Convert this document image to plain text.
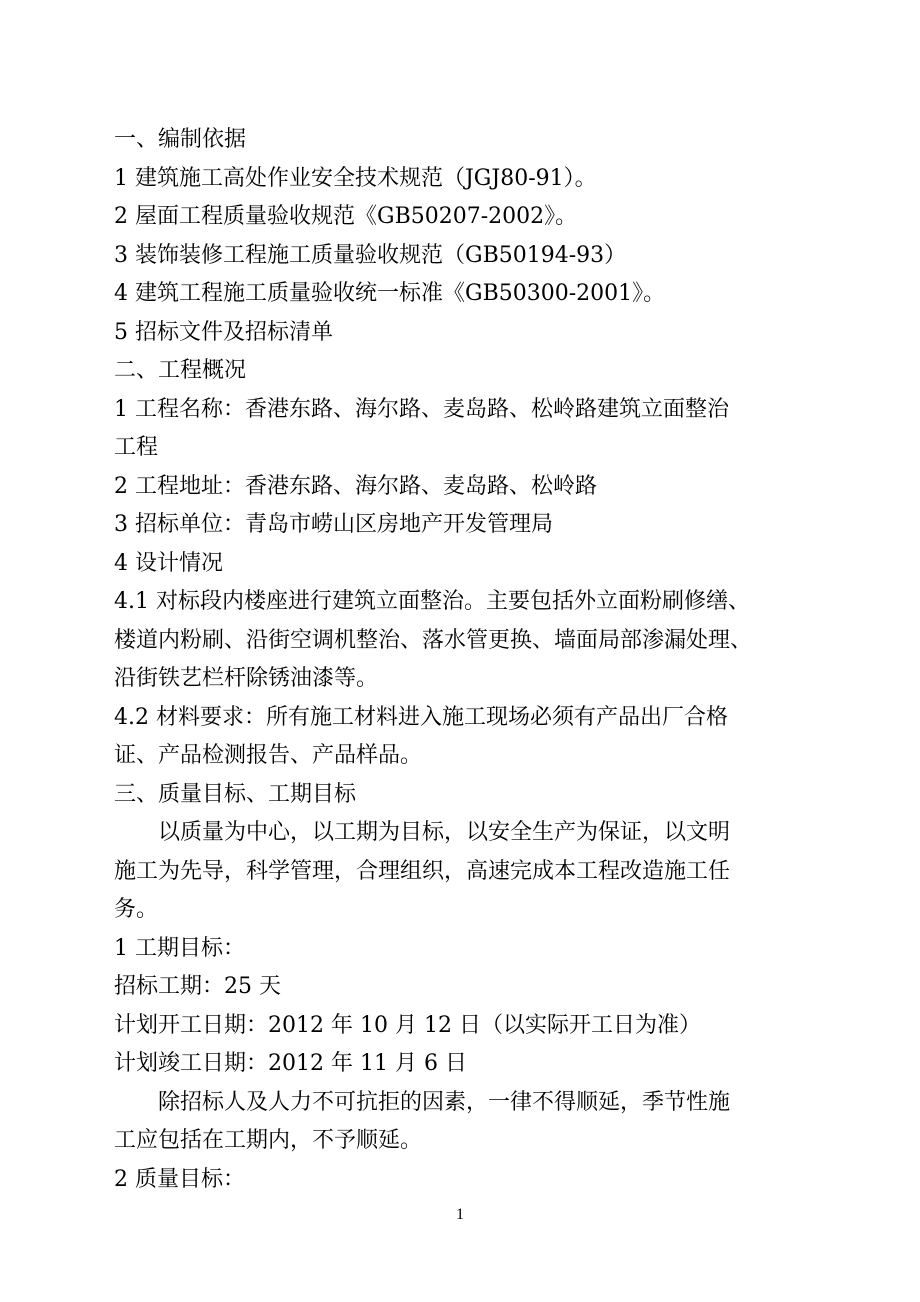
一、编制依据
1 建筑施工高处作业安全技术规范（JGJ80-91）。
2 屋面工程质量验收规范《GB50207-2002》。
3 装饰装修工程施工质量验收规范（GB50194-93）
4 建筑工程施工质量验收统一标准《GB50300-2001》。
5 招标文件及招标清单
二、工程概况
1 工程名称：香港东路、海尔路、麦岛路、松岭路建筑立面整治
工程
2 工程地址：香港东路、海尔路、麦岛路、松岭路
3 招标单位：青岛市崂山区房地产开发管理局
4 设计情况
4.1 对标段内楼座进行建筑立面整治。主要包括外立面粉刷修缮、
楼道内粉刷、沿街空调机整治、落水管更换、墙面局部渗漏处理、
沿街铁艺栏杆除锈油漆等。
4.2 材料要求：所有施工材料进入施工现场必须有产品出厂合格
证、产品检测报告、产品样品。
三、质量目标、工期目标
以质量为中心，以工期为目标，以安全生产为保证，以文明
施工为先导，科学管理，合理组织，高速完成本工程改造施工任
务。
1 工期目标：
招标工期：25 天
计划开工日期：2012 年 10 月 12 日（以实际开工日为准）
计划竣工日期：2012 年 11 月 6 日
除招标人及人力不可抗拒的因素，一律不得顺延，季节性施
工应包括在工期内，不予顺延。
2 质量目标：
1
